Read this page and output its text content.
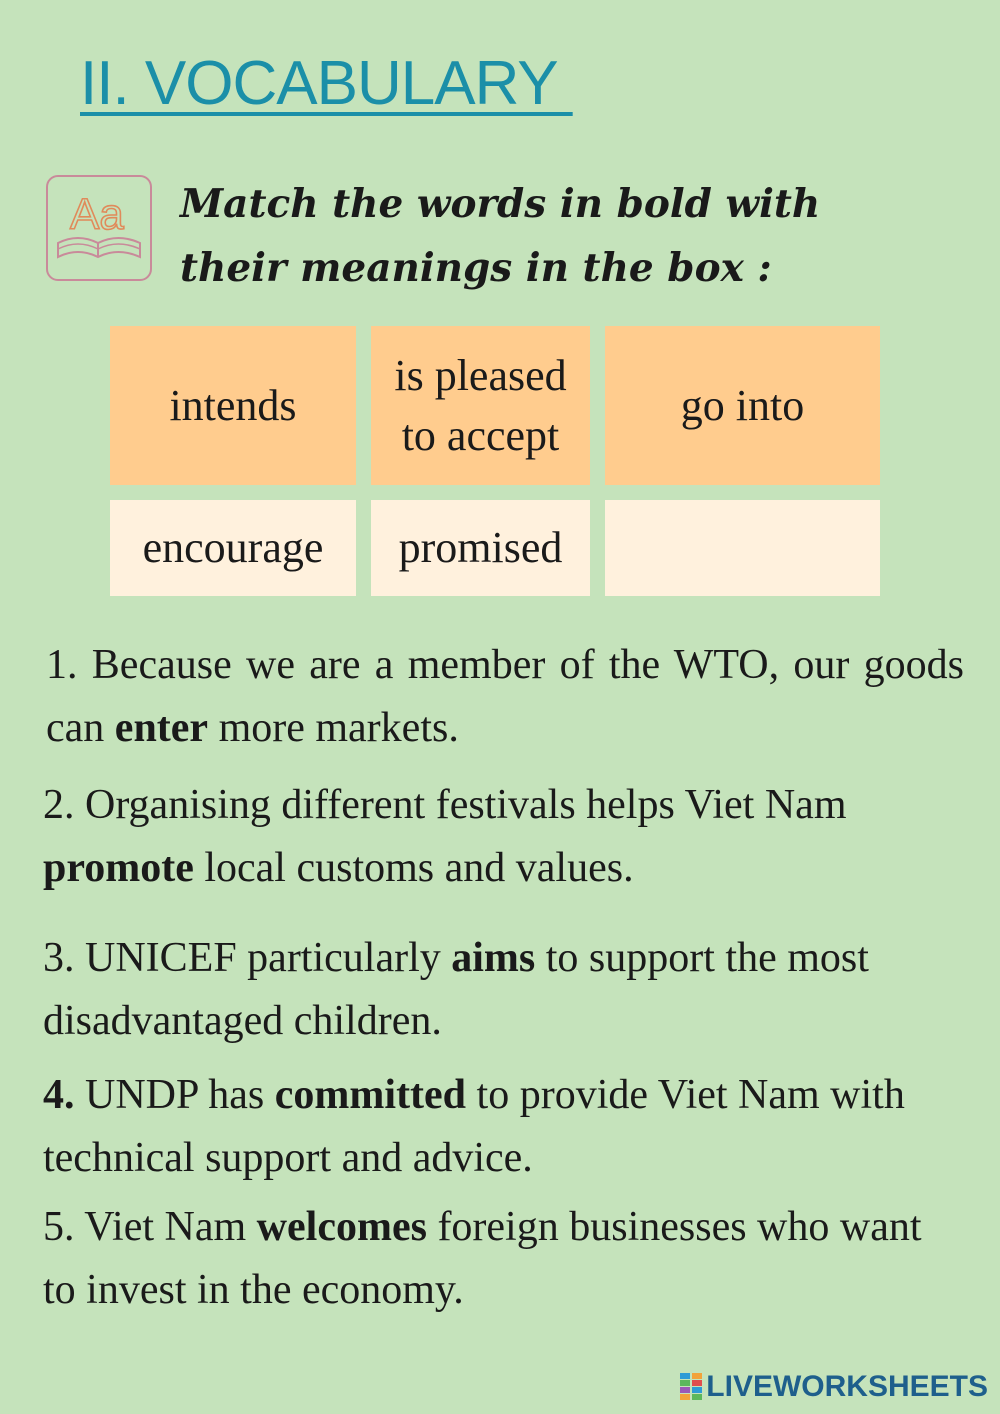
II. VOCABULARY
Aa Match the words in bold with
their meanings in the box :
intends
is pleased to accept
go into
encourage	promised
1. Because we are a member of the WTO, our goods can enter more markets.
2. Organising different festivals helps Viet Nam promote local customs and values.
3. UNICEF particularly aims to support the most disadvantaged children.
4. UNDP has committed to provide Viet Nam with technical support and advice.
5. Viet Nam welcomes foreign businesses who want to invest in the economy.
LIVEWORKSHEETS
